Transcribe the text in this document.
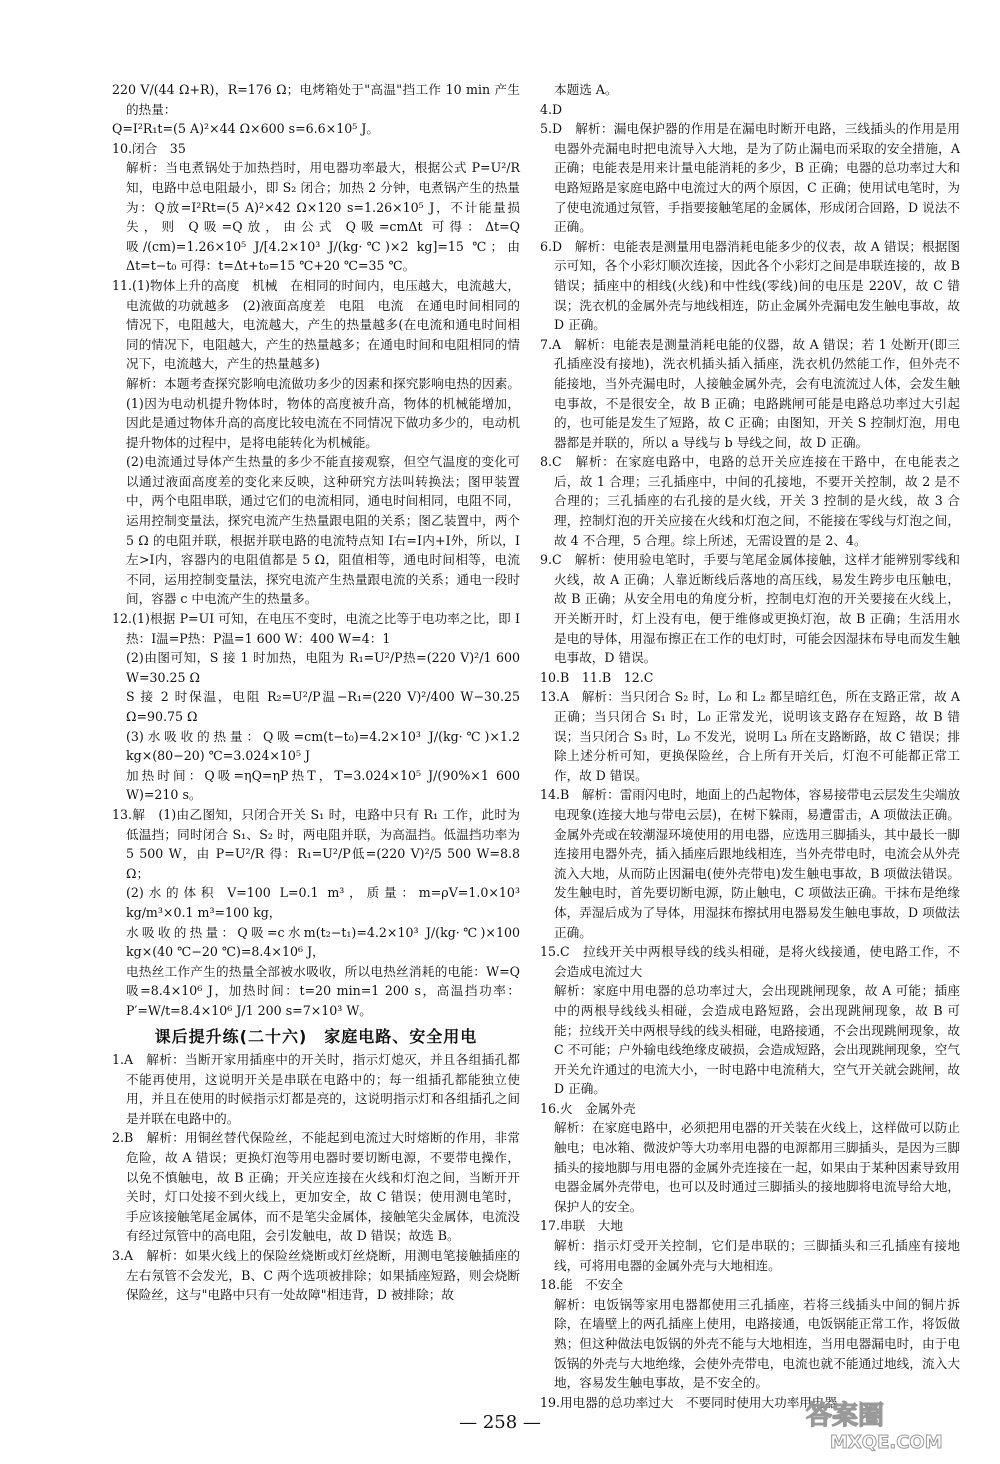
220 V/(44 Ω+R)，R=176 Ω；电烤箱处于"高温"挡工作 10 min 产生的热量：

Q=I²R₁t=(5 A)²×44 Ω×600 s=6.6×10⁵ J。

10.闭合　35

解析：当电煮锅处于加热挡时，用电器功率最大，根据公式 P=U²/R 知，电路中总电阻最小，即 S₂ 闭合；加热 2 分钟，电煮锅产生的热量为：Q放=I²Rt=(5 A)²×42 Ω×120 s=1.26×10⁵ J，不计能量损失，则 Q吸=Q放，由公式 Q吸=cmΔt 可得：Δt=Q吸/(cm)=1.26×10⁵ J/[4.2×10³ J/(kg·℃)×2 kg]=15 ℃；由 Δt=t−t₀ 可得：t=Δt+t₀=15 ℃+20 ℃=35 ℃。

11.(1)物体上升的高度　机械　在相同的时间内，电压越大，电流越大，电流做的功就越多　(2)液面高度差　电阻　电流　在通电时间相同的情况下，电阻越大，电流越大，产生的热量越多(在电流和通电时间相同的情况下，电阻越大，产生的热量越多；在通电时间和电阻相同的情况下，电流越大，产生的热量越多)

解析：本题考查探究影响电流做功多少的因素和探究影响电热的因素。(1)因为电动机提升物体时，物体的高度被升高，物体的机械能增加，因此是通过物体升高的高度比较电流在不同情况下做功多少的，电动机提升物体的过程中，是将电能转化为机械能。

(2)电流通过导体产生热量的多少不能直接观察，但空气温度的变化可以通过液面高度差的变化来反映，这种研究方法叫转换法；图甲装置中，两个电阻串联，通过它们的电流相同，通电时间相同，电阻不同，运用控制变量法，探究电流产生热量跟电阻的关系；图乙装置中，两个 5 Ω 的电阻并联，根据并联电路的电流特点知 I右=I内+I外，所以，I左>I内，容器内的电阻值都是 5 Ω，阻值相等，通电时间相等，电流不同，运用控制变量法，探究电流产生热量跟电流的关系；通电一段时间，容器 c 中电流产生的热量多。

12.(1)根据 P=UI 可知，在电压不变时，电流之比等于电功率之比，即 I热：I温=P热：P温=1 600 W：400 W=4：1

(2)由图可知，S 接 1 时加热，电阻为 R₁=U²/P热=(220 V)²/1 600 W=30.25 Ω

S 接 2 时保温，电阻 R₂=U²/P温−R₁=(220 V)²/400 W−30.25 Ω=90.75 Ω

(3)水吸收的热量：Q吸=cm(t−t₀)=4.2×10³ J/(kg·℃)×1.2 kg×(80−20) ℃=3.024×10⁵ J

加热时间：Q吸=ηQ=ηP热T，T=3.024×10⁵ J/(90%×1 600 W)=210 s。

13.解　(1)由乙图知，只闭合开关 S₁ 时，电路中只有 R₁ 工作，此时为低温挡；同时闭合 S₁、S₂ 时，两电阻并联，为高温挡。低温挡功率为 5 500 W，由 P=U²/R 得：R₁=U²/P低=(220 V)²/5 500 W=8.8 Ω；

(2)水的体积 V=100 L=0.1 m³，质量：m=ρV=1.0×10³ kg/m³×0.1 m³=100 kg，

水吸收的热量：Q吸=c水m(t₂−t₁)=4.2×10³ J/(kg·℃)×100 kg×(40 ℃−20 ℃)=8.4×10⁶ J，

电热丝工作产生的热量全部被水吸收，所以电热丝消耗的电能：W=Q吸=8.4×10⁶ J，加热时间：t=20 min=1 200 s，高温挡功率：P′=W/t=8.4×10⁶ J/1 200 s=7×10³ W。

课后提升练(二十六)　家庭电路、安全用电

1.A　解析：当断开家用插座中的开关时，指示灯熄灭，并且各组插孔都不能再使用，这说明开关是串联在电路中的；每一组插孔都能独立使用，并且在使用的时候指示灯都是亮的，这说明指示灯和各组插孔之间是并联在电路中的。

2.B　解析：用铜丝替代保险丝，不能起到电流过大时熔断的作用，非常危险，故 A 错误；更换灯泡等用电器时要切断电源，不要带电操作，以免不慎触电，故 B 正确；开关应连接在火线和灯泡之间，当断开开关时，灯口处接不到火线上，更加安全，故 C 错误；使用测电笔时，手应该接触笔尾金属体，而不是笔尖金属体，接触笔尖金属体，电流没有经过氖管中的高电阻，会引发触电，故 D 错误；故选 B。

3.A　解析：如果火线上的保险丝烧断或灯丝烧断，用测电笔接触插座的左右氖管不会发光，B、C 两个选项被排除；如果插座短路，则会烧断保险丝，这与"电路中只有一处故障"相违背，D 被排除；故

本题选 A。

4.D

5.D　解析：漏电保护器的作用是在漏电时断开电路，三线插头的作用是用电器外壳漏电时把电流导入大地，是为了防止漏电而采取的安全措施，A 正确；电能表是用来计量电能消耗的多少，B 正确；电器的总功率过大和电路短路是家庭电路中电流过大的两个原因，C 正确；使用试电笔时，为了使电流通过氖管，手指要接触笔尾的金属体，形成闭合回路，D 说法不正确。

6.D　解析：电能表是测量用电器消耗电能多少的仪表，故 A 错误；根据图示可知，各个小彩灯顺次连接，因此各个小彩灯之间是串联连接的，故 B 错误；插座中的相线(火线)和中性线(零线)间的电压是 220V，故 C 错误；洗衣机的金属外壳与地线相连，防止金属外壳漏电发生触电事故，故 D 正确。

7.A　解析：电能表是测量消耗电能的仪器，故 A 错误；若 1 处断开(即三孔插座没有接地)，洗衣机插头插入插座，洗衣机仍然能工作，但外壳不能接地，当外壳漏电时，人接触金属外壳，会有电流流过人体，会发生触电事故，不是很安全，故 B 正确；电路跳闸可能是电路总功率过大引起的，也可能是发生了短路，故 C 正确；由图知，开关 S 控制灯泡，用电器都是并联的，所以 a 导线与 b 导线之间，故 D 正确。

8.C　解析：在家庭电路中，电路的总开关应连接在干路中，在电能表之后，故 1 合理；三孔插座中，中间的孔接地，不要开关控制，故 2 是不合理的；三孔插座的右孔接的是火线，开关 3 控制的是火线，故 3 合理，控制灯泡的开关应接在火线和灯泡之间，不能接在零线与灯泡之间，故 4 不合理，5 合理。综上所述，无需设置的是 2、4。

9.C　解析：使用验电笔时，手要与笔尾金属体接触，这样才能辨别零线和火线，故 A 正确；人靠近断线后落地的高压线，易发生跨步电压触电，故 B 正确；从安全用电的角度分析，控制电灯泡的开关要接在火线上，开关断开时，灯上没有电，便于维修或更换灯泡，故 B 正确；生活用水是电的导体，用湿布擦正在工作的电灯时，可能会因湿抹布导电而发生触电事故，D 错误。

10.B　11.B　12.C

13.A　解析：当只闭合 S₂ 时，L₀ 和 L₂ 都呈暗红色，所在支路正常，故 A 正确；当只闭合 S₁ 时，L₀ 正常发光，说明该支路存在短路，故 B 错误；当只闭合 S₃ 时，L₀ 不发光，说明 L₃ 所在支路断路，故 C 错误；排除上述分析可知，更换保险丝，合上所有开关后，灯泡不可能都正常工作，故 D 错误。

14.B　解析：雷雨闪电时，地面上的凸起物体，容易接带电云层发生尖端放电现象(连接大地与带电云层)，在树下躲雨，易遭雷击，A 项做法正确。金属外壳或在较潮湿环境使用的用电器，应选用三脚插头，其中最长一脚连接用电器外壳，插入插座后跟地线相连，当外壳带电时，电流会从外壳流入大地，从而防止因漏电(使外壳带电)发生触电事故，B 项做法错误。发生触电时，首先要切断电源，防止触电，C 项做法正确。干抹布是绝缘体，弄湿后成为了导体，用湿抹布擦拭用电器易发生触电事故，D 项做法正确。

15.C　拉线开关中两根导线的线头相碰，是将火线接通，使电路工作，不会造成电流过大

解析：家庭中用电器的总功率过大，会出现跳闸现象，故 A 可能；插座中的两根导线线头相碰，会造成电路短路，会出现跳闸现象，故 B 可能；拉线开关中两根导线的线头相碰，电路接通，不会出现跳闸现象，故 C 不可能；户外输电线绝缘皮破损，会造成短路，会出现跳闸现象，空气开关允许通过的电流大小，一时电路中电流稍大，空气开关就会跳闸，故 D 正确。

16.火　金属外壳

解析：在家庭电路中，必须把用电器的开关装在火线上，这样做可以防止触电；电冰箱、微波炉等大功率用电器的电源都用三脚插头，是因为三脚插头的接地脚与用电器的金属外壳连接在一起，如果由于某种因素导致用电器金属外壳带电，也可以及时通过三脚插头的接地脚将电流导给大地，保护人的安全。

17.串联　大地

解析：指示灯受开关控制，它们是串联的；三脚插头和三孔插座有接地线，可将用电器的金属外壳与大地相连。

18.能　不安全

解析：电饭锅等家用电器都使用三孔插座，若将三线插头中间的铜片拆除，在墙壁上的两孔插座上使用，电路接通，电饭锅能正常工作，将饭做熟；但这种做法电饭锅的外壳不能与大地相连，当用电器漏电时，由于电饭锅的外壳与大地绝缘，会使外壳带电，电流也就不能通过地线，流入大地，容易发生触电事故，是不安全的。

19.用电器的总功率过大　不要同时使用大功率用电器

— 258 —	答案圈
MXQE.COM
